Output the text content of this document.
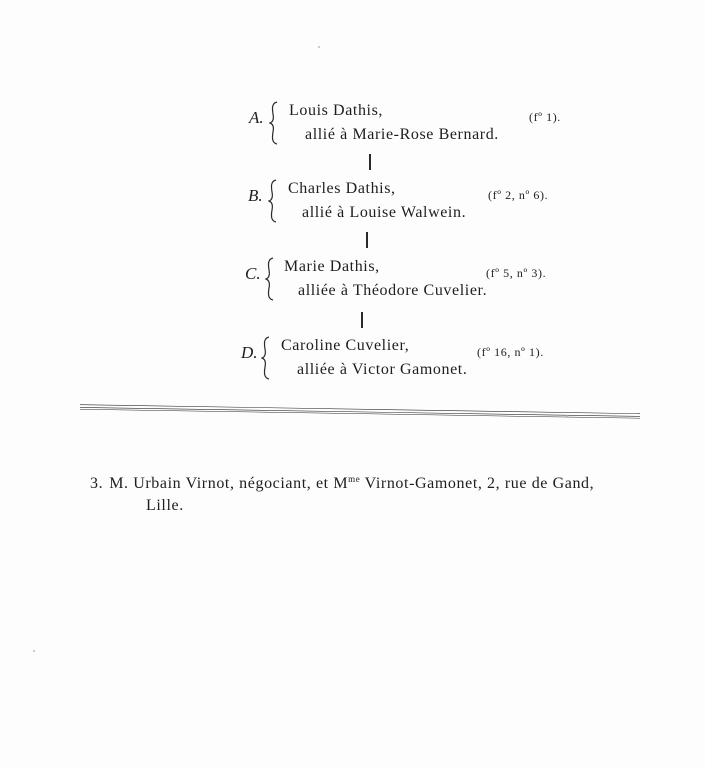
A. Louis Dathis,
allié à Marie-Rose Bernard.
(fº 1).
B. Charles Dathis,
allié à Louise Walwein.
(fº 2, nº 6).
C. Marie Dathis,
alliée à Théodore Cuvelier.
(fº 5, nº 3).
D. Caroline Cuvelier,
alliée à Victor Gamonet.
(fº 16, nº 1).
3. M. Urbain Virnot, négociant, et $M^{me}$ Virnot-Gamonet, 2, rue de Gand,
Lille.
